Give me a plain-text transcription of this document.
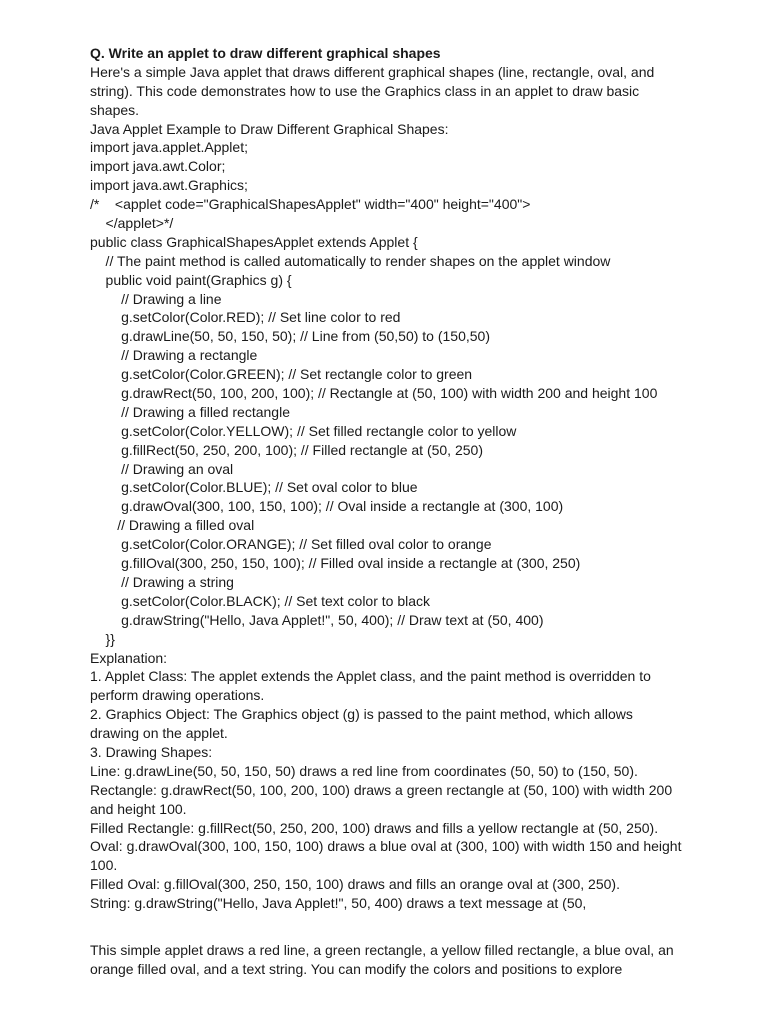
Q. Write an applet to draw different graphical shapes
Here's a simple Java applet that draws different graphical shapes (line, rectangle, oval, and
string). This code demonstrates how to use the Graphics class in an applet to draw basic
shapes.
Java Applet Example to Draw Different Graphical Shapes:
import java.applet.Applet;
import java.awt.Color;
import java.awt.Graphics;
/*    <applet code="GraphicalShapesApplet" width="400" height="400">
</applet>*/
public class GraphicalShapesApplet extends Applet {
// The paint method is called automatically to render shapes on the applet window
public void paint(Graphics g) {
// Drawing a line
g.setColor(Color.RED); // Set line color to red
g.drawLine(50, 50, 150, 50); // Line from (50,50) to (150,50)
// Drawing a rectangle
g.setColor(Color.GREEN); // Set rectangle color to green
g.drawRect(50, 100, 200, 100); // Rectangle at (50, 100) with width 200 and height 100
// Drawing a filled rectangle
g.setColor(Color.YELLOW); // Set filled rectangle color to yellow
g.fillRect(50, 250, 200, 100); // Filled rectangle at (50, 250)
// Drawing an oval
g.setColor(Color.BLUE); // Set oval color to blue
g.drawOval(300, 100, 150, 100); // Oval inside a rectangle at (300, 100)
// Drawing a filled oval
g.setColor(Color.ORANGE); // Set filled oval color to orange
g.fillOval(300, 250, 150, 100); // Filled oval inside a rectangle at (300, 250)
// Drawing a string
g.setColor(Color.BLACK); // Set text color to black
g.drawString("Hello, Java Applet!", 50, 400); // Draw text at (50, 400)
}}
Explanation:
1. Applet Class: The applet extends the Applet class, and the paint method is overridden to
perform drawing operations.
2. Graphics Object: The Graphics object (g) is passed to the paint method, which allows
drawing on the applet.
3. Drawing Shapes:
Line: g.drawLine(50, 50, 150, 50) draws a red line from coordinates (50, 50) to (150, 50).
Rectangle: g.drawRect(50, 100, 200, 100) draws a green rectangle at (50, 100) with width 200
and height 100.
Filled Rectangle: g.fillRect(50, 250, 200, 100) draws and fills a yellow rectangle at (50, 250).
Oval: g.drawOval(300, 100, 150, 100) draws a blue oval at (300, 100) with width 150 and height
100.
Filled Oval: g.fillOval(300, 250, 150, 100) draws and fills an orange oval at (300, 250).
String: g.drawString("Hello, Java Applet!", 50, 400) draws a text message at (50,
This simple applet draws a red line, a green rectangle, a yellow filled rectangle, a blue oval, an
orange filled oval, and a text string. You can modify the colors and positions to explore
